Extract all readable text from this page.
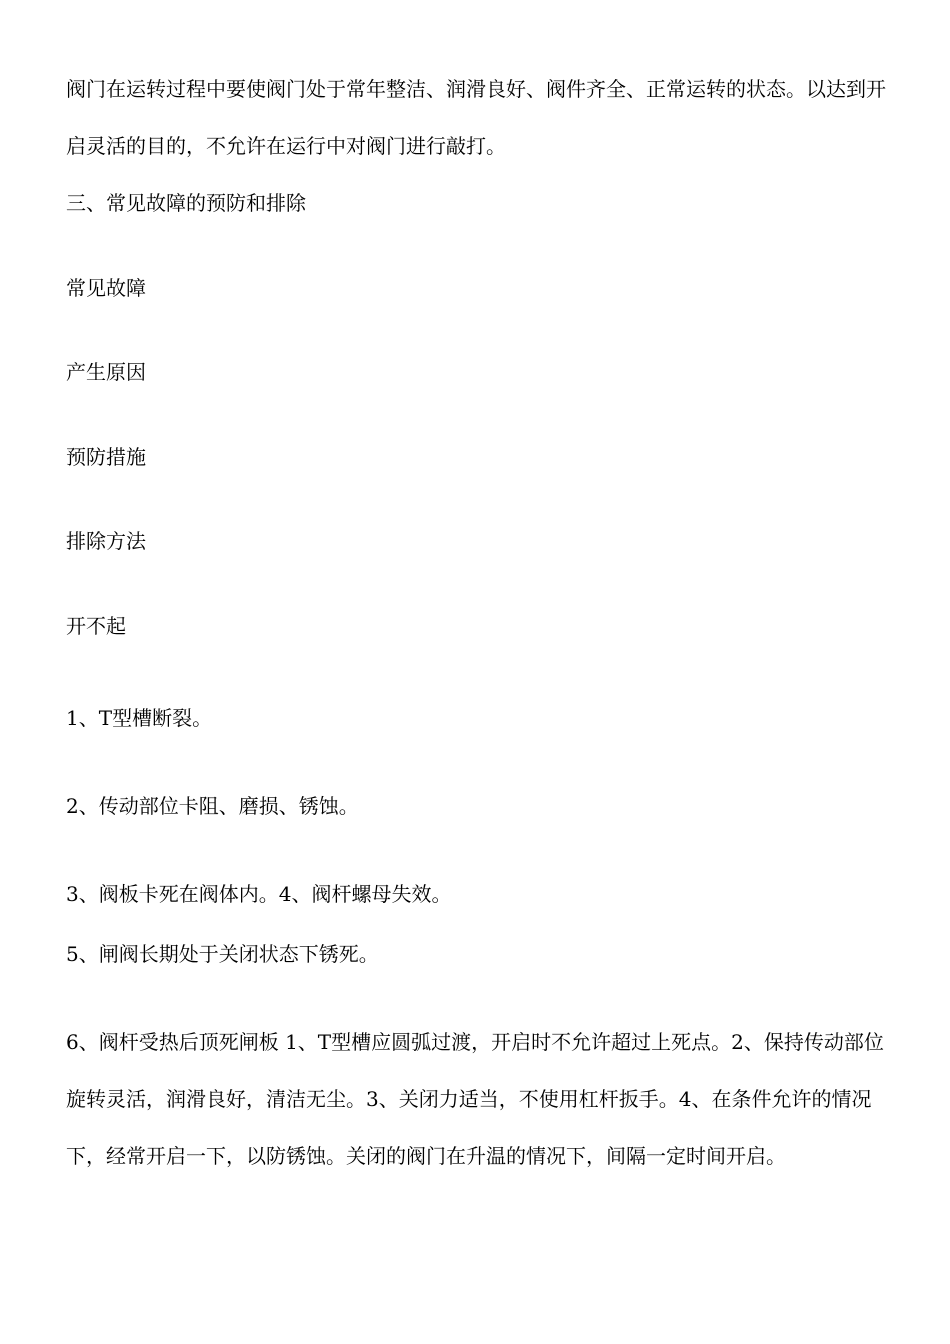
阀门在运转过程中要使阀门处于常年整洁、润滑良好、阀件齐全、正常运转的状态。以达到开启灵活的目的，不允许在运行中对阀门进行敲打。

三、常见故障的预防和排除

常见故障

产生原因

预防措施

排除方法

开不起

1、T型槽断裂。

2、传动部位卡阻、磨损、锈蚀。

3、阀板卡死在阀体内。4、阀杆螺母失效。

5、闸阀长期处于关闭状态下锈死。

6、阀杆受热后顶死闸板 1、T型槽应圆弧过渡，开启时不允许超过上死点。2、保持传动部位旋转灵活，润滑良好，清洁无尘。3、关闭力适当，不使用杠杆扳手。4、在条件允许的情况下，经常开启一下，以防锈蚀。关闭的阀门在升温的情况下，间隔一定时间开启。
